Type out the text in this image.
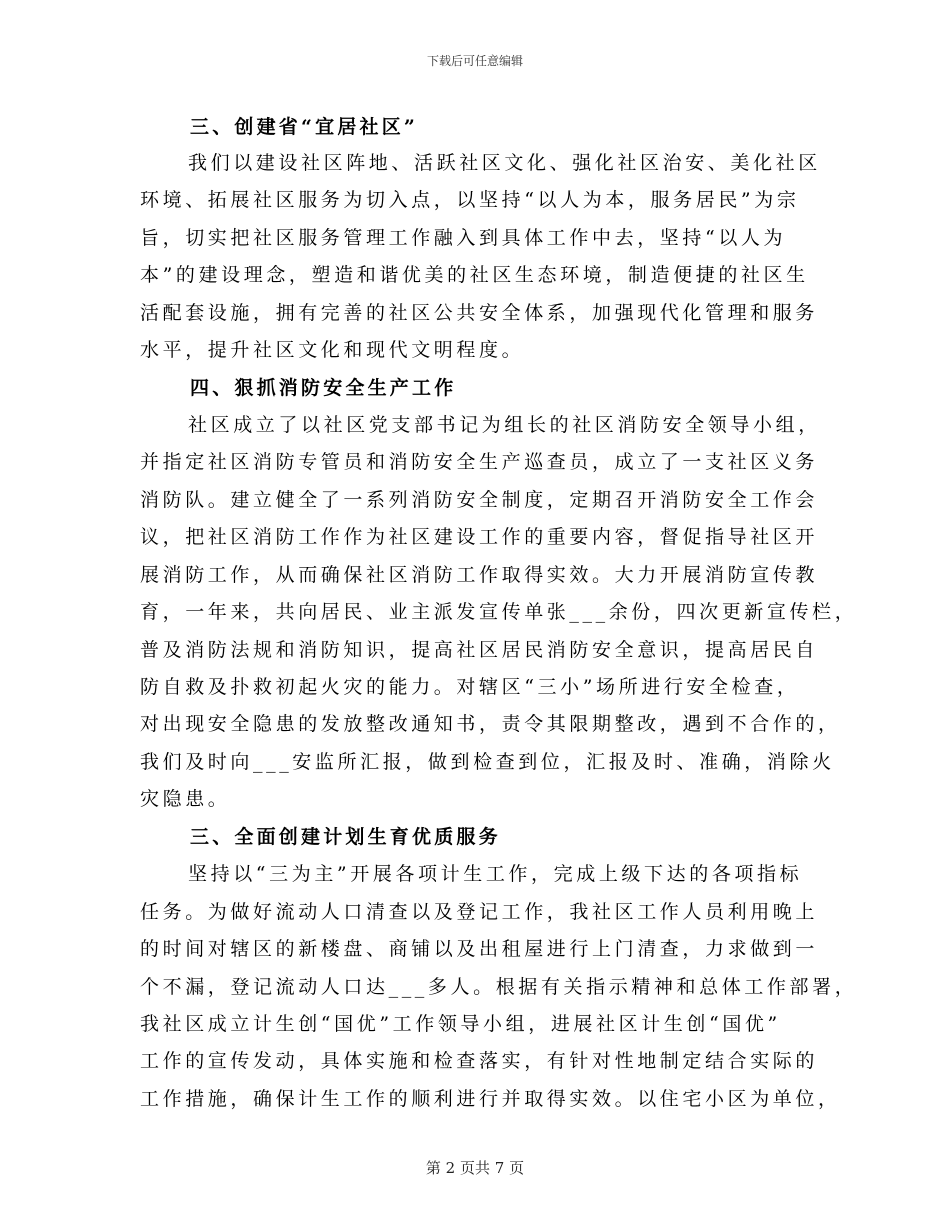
下载后可任意编辑
三、创建省“宜居社区”
我们以建设社区阵地、活跃社区文化、强化社区治安、美化社区
环境、拓展社区服务为切入点，以坚持“以人为本，服务居民”为宗
旨，切实把社区服务管理工作融入到具体工作中去，坚持“以人为
本”的建设理念，塑造和谐优美的社区生态环境，制造便捷的社区生
活配套设施，拥有完善的社区公共安全体系，加强现代化管理和服务
水平，提升社区文化和现代文明程度。
四、狠抓消防安全生产工作
社区成立了以社区党支部书记为组长的社区消防安全领导小组，
并指定社区消防专管员和消防安全生产巡查员，成立了一支社区义务
消防队。建立健全了一系列消防安全制度，定期召开消防安全工作会
议，把社区消防工作作为社区建设工作的重要内容，督促指导社区开
展消防工作，从而确保社区消防工作取得实效。大力开展消防宣传教
育，一年来，共向居民、业主派发宣传单张___余份，四次更新宣传栏，
普及消防法规和消防知识，提高社区居民消防安全意识，提高居民自
防自救及扑救初起火灾的能力。对辖区“三小”场所进行安全检查，
对出现安全隐患的发放整改通知书，责令其限期整改，遇到不合作的，
我们及时向___安监所汇报，做到检查到位，汇报及时、准确，消除火
灾隐患。
三、全面创建计划生育优质服务
坚持以“三为主”开展各项计生工作，完成上级下达的各项指标
任务。为做好流动人口清查以及登记工作，我社区工作人员利用晚上
的时间对辖区的新楼盘、商铺以及出租屋进行上门清查，力求做到一
个不漏，登记流动人口达___多人。根据有关指示精神和总体工作部署，
我社区成立计生创“国优”工作领导小组，进展社区计生创“国优”
工作的宣传发动，具体实施和检查落实，有针对性地制定结合实际的
工作措施，确保计生工作的顺利进行并取得实效。以住宅小区为单位，
第 2 页共 7 页
